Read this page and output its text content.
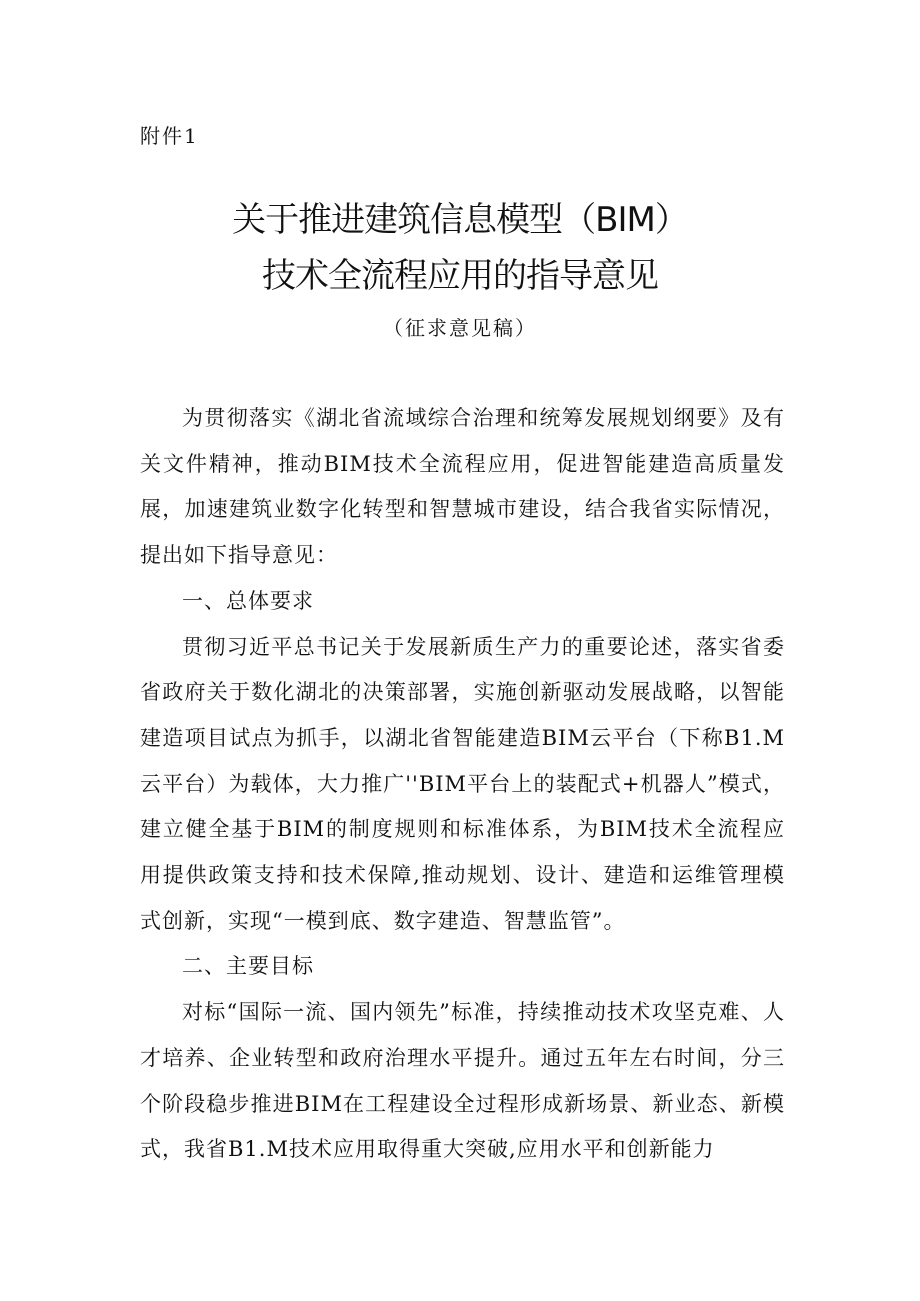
附件1
关于推进建筑信息模型（BIM）
技术全流程应用的指导意见
（征求意见稿）

为贯彻落实《湖北省流域综合治理和统筹发展规划纲要》及有关文件精神，推动BIM技术全流程应用，促进智能建造高质量发展，加速建筑业数字化转型和智慧城市建设，结合我省实际情况，提出如下指导意见：

一、总体要求

贯彻习近平总书记关于发展新质生产力的重要论述，落实省委省政府关于数化湖北的决策部署，实施创新驱动发展战略，以智能建造项目试点为抓手，以湖北省智能建造BIM云平台（下称B1.M云平台）为载体，大力推广''BIM平台上的装配式+机器人”模式，建立健全基于BIM的制度规则和标准体系，为BIM技术全流程应用提供政策支持和技术保障,推动规划、设计、建造和运维管理模式创新，实现“一模到底、数字建造、智慧监管”。

二、主要目标

对标“国际一流、国内领先”标准，持续推动技术攻坚克难、人才培养、企业转型和政府治理水平提升。通过五年左右时间，分三个阶段稳步推进BIM在工程建设全过程形成新场景、新业态、新模式，我省B1.M技术应用取得重大突破,应用水平和创新能力
